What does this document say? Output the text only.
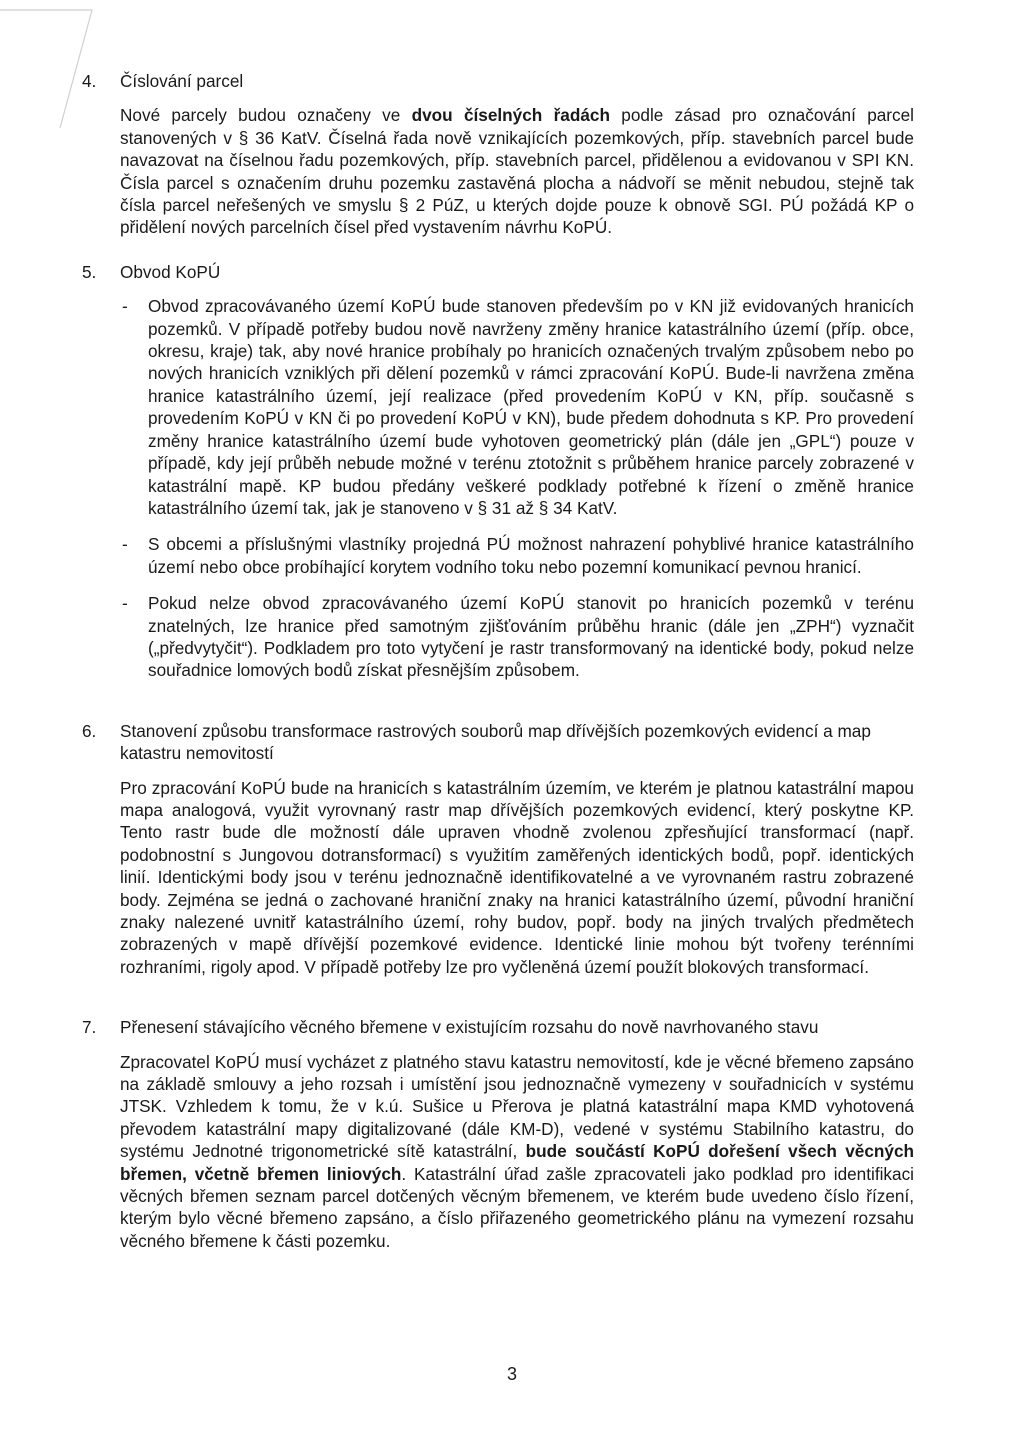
4.	Číslování parcel

Nové parcely budou označeny ve dvou číselných řadách podle zásad pro označování parcel stanovených v § 36 KatV. Číselná řada nově vznikajících pozemkových, příp. stavebních parcel bude navazovat na číselnou řadu pozemkových, příp. stavebních parcel, přidělenou a evidovanou v SPI KN. Čísla parcel s označením druhu pozemku zastavěná plocha a nádvoří se měnit nebudou, stejně tak čísla parcel neřešených ve smyslu § 2 PúZ, u kterých dojde pouze k obnově SGI. PÚ požádá KP o přidělení nových parcelních čísel před vystavením návrhu KoPÚ.

5.	Obvod KoPÚ
-	Obvod zpracovávaného území KoPÚ bude stanoven především po v KN již evidovaných hranicích pozemků. V případě potřeby budou nově navrženy změny hranice katastrálního území (příp. obce, okresu, kraje) tak, aby nové hranice probíhaly po hranicích označených trvalým způsobem nebo po nových hranicích vzniklých při dělení pozemků v rámci zpracování KoPÚ. Bude-li navržena změna hranice katastrálního území, její realizace (před provedením KoPÚ v KN, příp. současně s provedením KoPÚ v KN či po provedení KoPÚ v KN), bude předem dohodnuta s KP. Pro provedení změny hranice katastrálního území bude vyhotoven geometrický plán (dále jen „GPL“) pouze v případě, kdy její průběh nebude možné v terénu ztotožnit s průběhem hranice parcely zobrazené v katastrální mapě. KP budou předány veškeré podklady potřebné k řízení o změně hranice katastrálního území tak, jak je stanoveno v § 31 až § 34 KatV.
-	S obcemi a příslušnými vlastníky projedná PÚ možnost nahrazení pohyblivé hranice katastrálního území nebo obce probíhající korytem vodního toku nebo pozemní komunikací pevnou hranicí.
-	Pokud nelze obvod zpracovávaného území KoPÚ stanovit po hranicích pozemků v terénu znatelných, lze hranice před samotným zjišťováním průběhu hranic (dále jen „ZPH“) vyznačit („předvytyčit“). Podkladem pro toto vytyčení je rastr transformovaný na identické body, pokud nelze souřadnice lomových bodů získat přesnějším způsobem.
6.	Stanovení způsobu transformace rastrových souborů map dřívějších pozemkových evidencí a map katastru nemovitostí

Pro zpracování KoPÚ bude na hranicích s katastrálním územím, ve kterém je platnou katastrální mapou mapa analogová, využit vyrovnaný rastr map dřívějších pozemkových evidencí, který poskytne KP. Tento rastr bude dle možností dále upraven vhodně zvolenou zpřesňující transformací (např. podobnostní s Jungovou dotransformací) s využitím zaměřených identických bodů, popř. identických linií. Identickými body jsou v terénu jednoznačně identifikovatelné a ve vyrovnaném rastru zobrazené body. Zejména se jedná o zachované hraniční znaky na hranici katastrálního území, původní hraniční znaky nalezené uvnitř katastrálního území, rohy budov, popř. body na jiných trvalých předmětech zobrazených v mapě dřívější pozemkové evidence. Identické linie mohou být tvořeny terénními rozhraními, rigoly apod. V případě potřeby lze pro vyčleněná území použít blokových transformací.

7.	Přenesení stávajícího věcného břemene v existujícím rozsahu do nově navrhovaného stavu

Zpracovatel KoPÚ musí vycházet z platného stavu katastru nemovitostí, kde je věcné břemeno zapsáno na základě smlouvy a jeho rozsah i umístění jsou jednoznačně vymezeny v souřadnicích v systému JTSK. Vzhledem k tomu, že v k.ú. Sušice u Přerova je platná katastrální mapa KMD vyhotovená převodem katastrální mapy digitalizované (dále KM-D), vedené v systému Stabilního katastru, do systému Jednotné trigonometrické sítě katastrální, bude součástí KoPÚ dořešení všech věcných břemen, včetně břemen liniových. Katastrální úřad zašle zpracovateli jako podklad pro identifikaci věcných břemen seznam parcel dotčených věcným břemenem, ve kterém bude uvedeno číslo řízení, kterým bylo věcné břemeno zapsáno, a číslo přiřazeného geometrického plánu na vymezení rozsahu věcného břemene k části pozemku.

3
